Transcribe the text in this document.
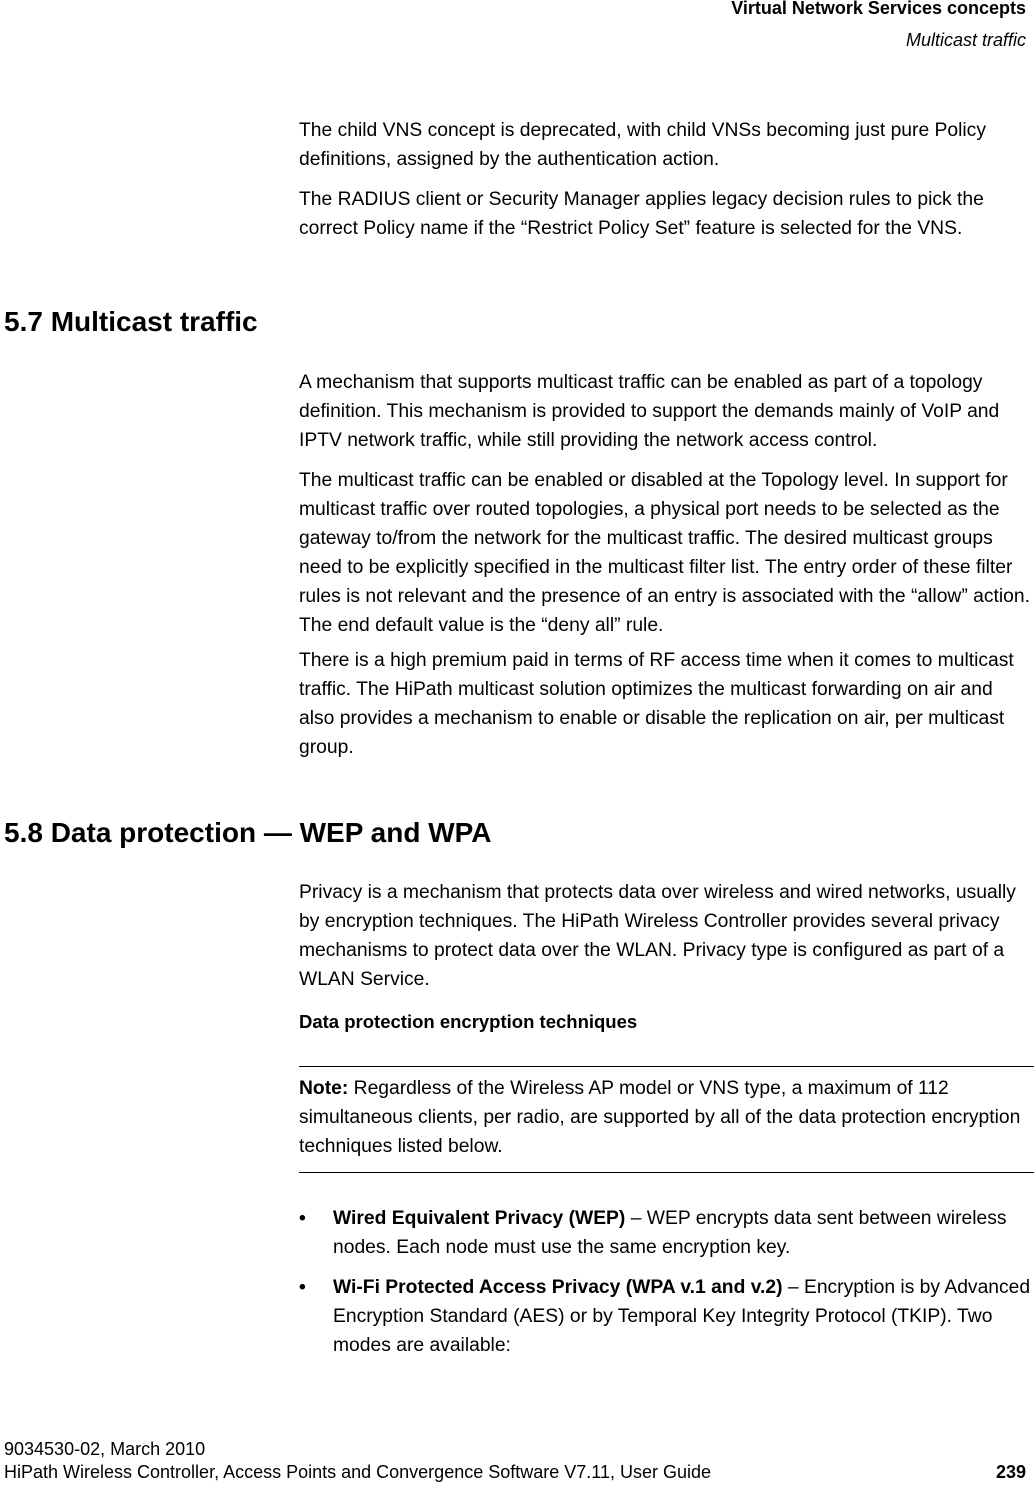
Virtual Network Services concepts
Multicast traffic

The child VNS concept is deprecated, with child VNSs becoming just pure Policy definitions, assigned by the authentication action.

The RADIUS client or Security Manager applies legacy decision rules to pick the correct Policy name if the “Restrict Policy Set” feature is selected for the VNS.

5.7 Multicast traffic

A mechanism that supports multicast traffic can be enabled as part of a topology definition. This mechanism is provided to support the demands mainly of VoIP and IPTV network traffic, while still providing the network access control.

The multicast traffic can be enabled or disabled at the Topology level. In support for multicast traffic over routed topologies, a physical port needs to be selected as the gateway to/from the network for the multicast traffic. The desired multicast groups need to be explicitly specified in the multicast filter list. The entry order of these filter rules is not relevant and the presence of an entry is associated with the “allow” action. The end default value is the “deny all” rule.

There is a high premium paid in terms of RF access time when it comes to multicast traffic. The HiPath multicast solution optimizes the multicast forwarding on air and also provides a mechanism to enable or disable the replication on air, per multicast group.

5.8 Data protection — WEP and WPA

Privacy is a mechanism that protects data over wireless and wired networks, usually by encryption techniques. The HiPath Wireless Controller provides several privacy mechanisms to protect data over the WLAN. Privacy type is configured as part of a WLAN Service.

Data protection encryption techniques

Note: Regardless of the Wireless AP model or VNS type, a maximum of 112 simultaneous clients, per radio, are supported by all of the data protection encryption techniques listed below.

• Wired Equivalent Privacy (WEP) – WEP encrypts data sent between wireless nodes. Each node must use the same encryption key.

• Wi-Fi Protected Access Privacy (WPA v.1 and v.2) – Encryption is by Advanced Encryption Standard (AES) or by Temporal Key Integrity Protocol (TKIP). Two modes are available:

9034530-02, March 2010
HiPath Wireless Controller, Access Points and Convergence Software V7.11, User Guide	239
